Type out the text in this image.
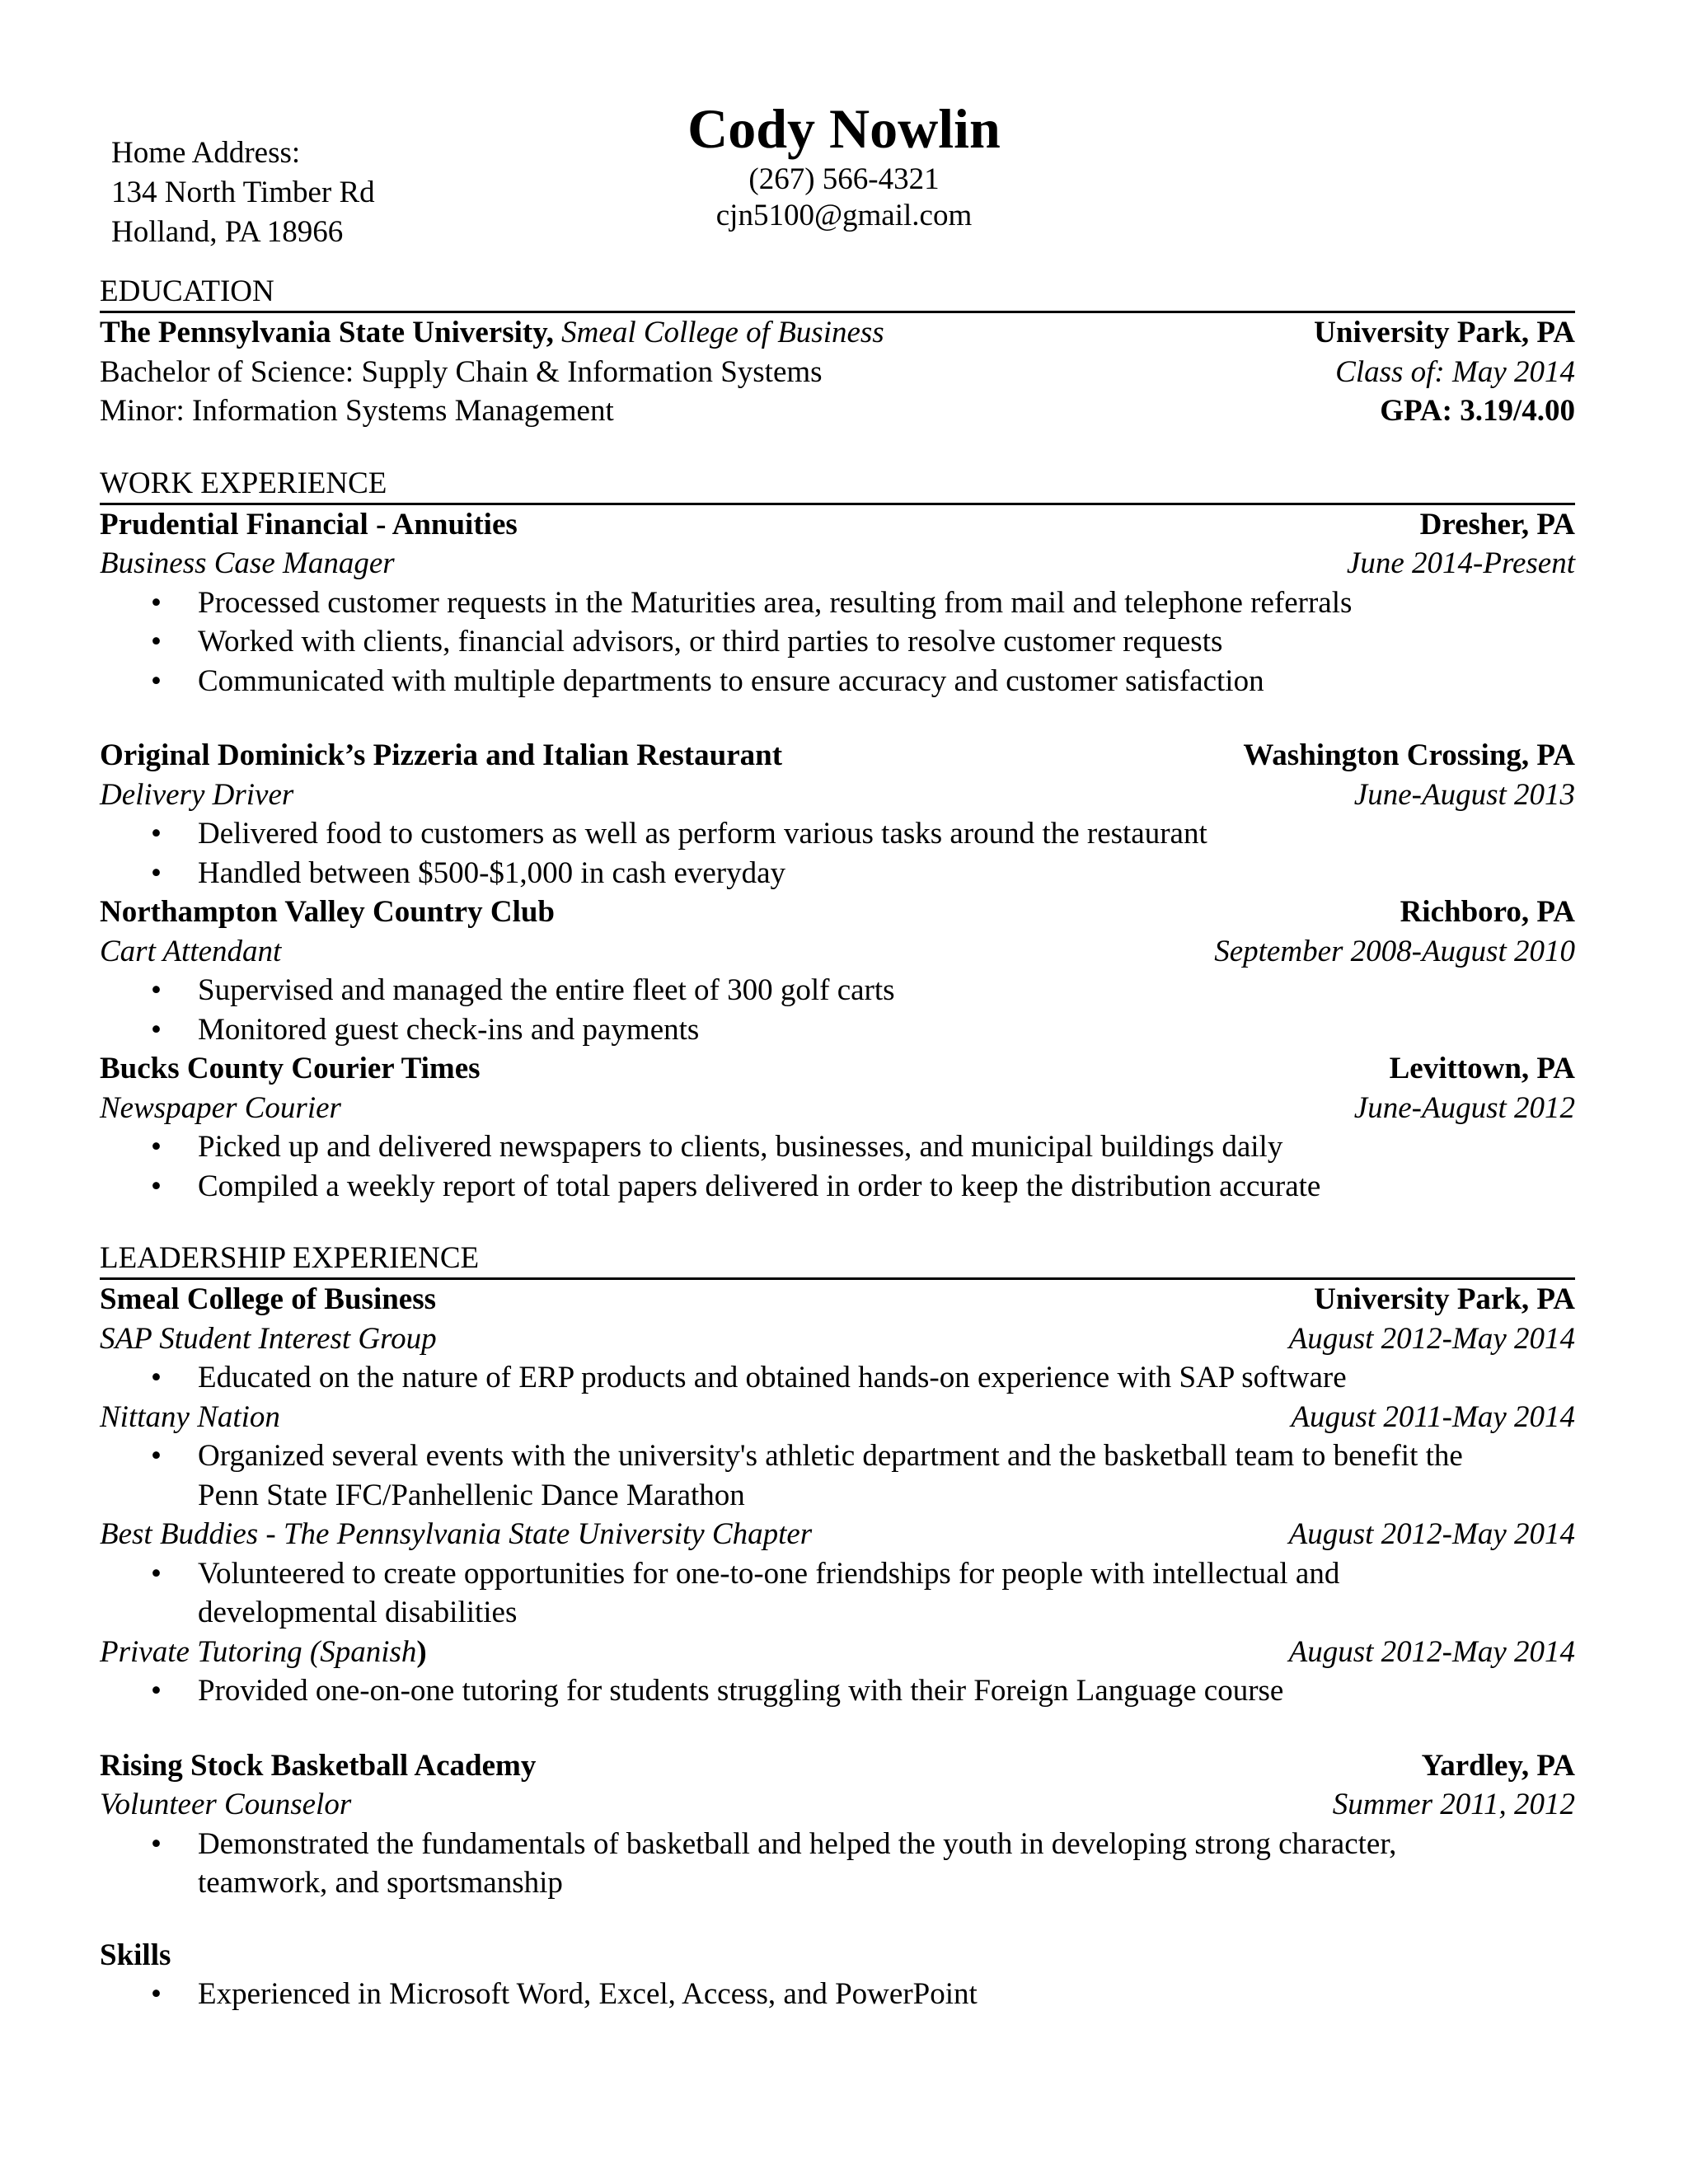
Home Address:
134 North Timber Rd
Holland, PA 18966
Cody Nowlin
(267) 566-4321
cjn5100@gmail.com
EDUCATION
The Pennsylvania State University, Smeal College of Business	University Park, PA
Bachelor of Science: Supply Chain & Information Systems	Class of: May 2014
Minor: Information Systems Management	GPA: 3.19/4.00
WORK EXPERIENCE
Prudential Financial - Annuities	Dresher, PA
Business Case Manager	June 2014-Present
• Processed customer requests in the Maturities area, resulting from mail and telephone referrals
• Worked with clients, financial advisors, or third parties to resolve customer requests
• Communicated with multiple departments to ensure accuracy and customer satisfaction
Original Dominick’s Pizzeria and Italian Restaurant	Washington Crossing, PA
Delivery Driver	June-August 2013
• Delivered food to customers as well as perform various tasks around the restaurant
• Handled between $500-$1,000 in cash everyday
Northampton Valley Country Club	Richboro, PA
Cart Attendant	September 2008-August 2010
• Supervised and managed the entire fleet of 300 golf carts
• Monitored guest check-ins and payments
Bucks County Courier Times	Levittown, PA
Newspaper Courier	June-August 2012
• Picked up and delivered newspapers to clients, businesses, and municipal buildings daily
• Compiled a weekly report of total papers delivered in order to keep the distribution accurate
LEADERSHIP EXPERIENCE
Smeal College of Business	University Park, PA
SAP Student Interest Group	August 2012-May 2014
• Educated on the nature of ERP products and obtained hands-on experience with SAP software
Nittany Nation	August 2011-May 2014
• Organized several events with the university's athletic department and the basketball team to benefit the Penn State IFC/Panhellenic Dance Marathon
Best Buddies - The Pennsylvania State University Chapter	August 2012-May 2014
• Volunteered to create opportunities for one-to-one friendships for people with intellectual and developmental disabilities
Private Tutoring (Spanish)	August 2012-May 2014
• Provided one-on-one tutoring for students struggling with their Foreign Language course
Rising Stock Basketball Academy	Yardley, PA
Volunteer Counselor	Summer 2011, 2012
• Demonstrated the fundamentals of basketball and helped the youth in developing strong character, teamwork, and sportsmanship
Skills
• Experienced in Microsoft Word, Excel, Access, and PowerPoint
